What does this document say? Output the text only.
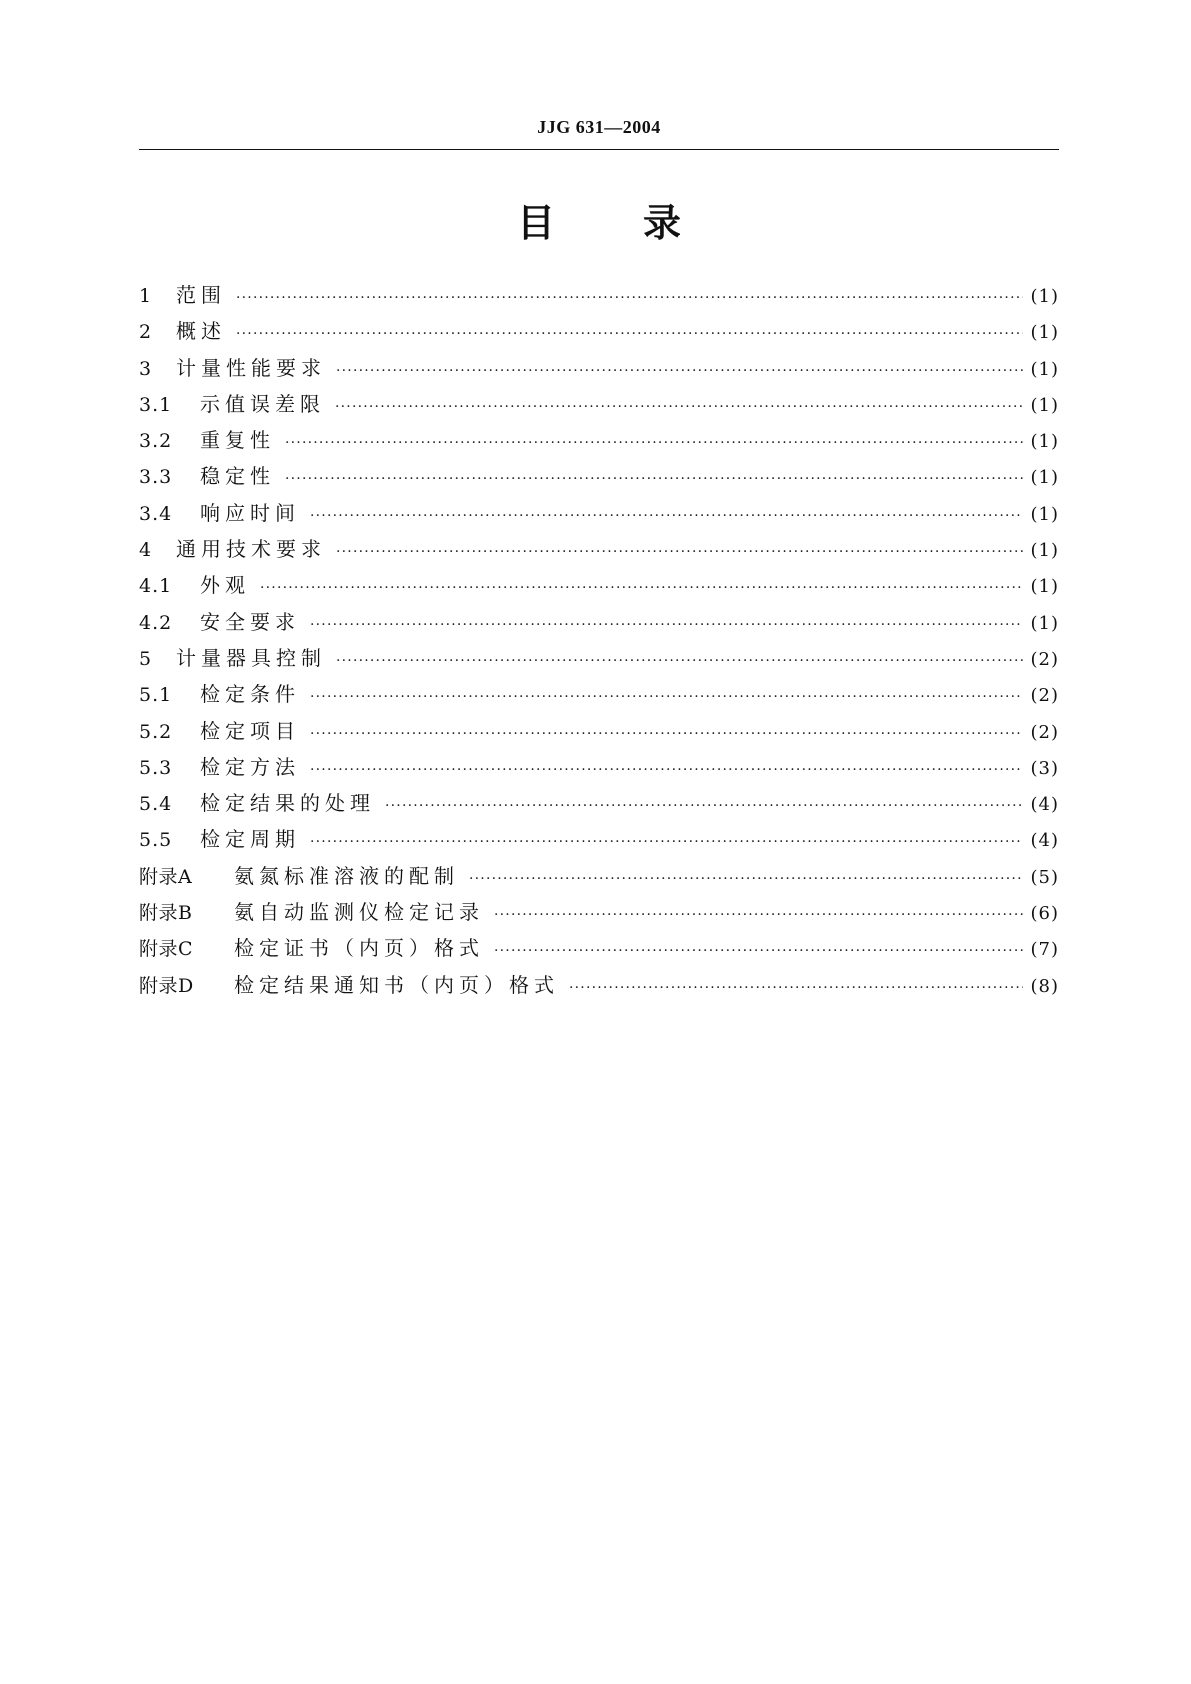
JJG 631—2004
目 录
1	范围 ·····	(1)
2	概述 ·····	(1)
3	计量性能要求 ·····	(1)
3.1	示值误差限 ·····	(1)
3.2	重复性 ·····	(1)
3.3	稳定性 ·····	(1)
3.4	响应时间 ·····	(1)
4	通用技术要求 ·····	(1)
4.1	外观 ·····	(1)
4.2	安全要求 ·····	(1)
5	计量器具控制 ·····	(2)
5.1	检定条件 ·····	(2)
5.2	检定项目 ·····	(2)
5.3	检定方法 ·····	(3)
5.4	检定结果的处理 ·····	(4)
5.5	检定周期 ·····	(4)
附录A	氨氮标准溶液的配制 ·····	(5)
附录B	氨自动监测仪检定记录 ·····	(6)
附录C	检定证书（内页）格式 ·····	(7)
附录D	检定结果通知书（内页）格式 ·····	(8)
